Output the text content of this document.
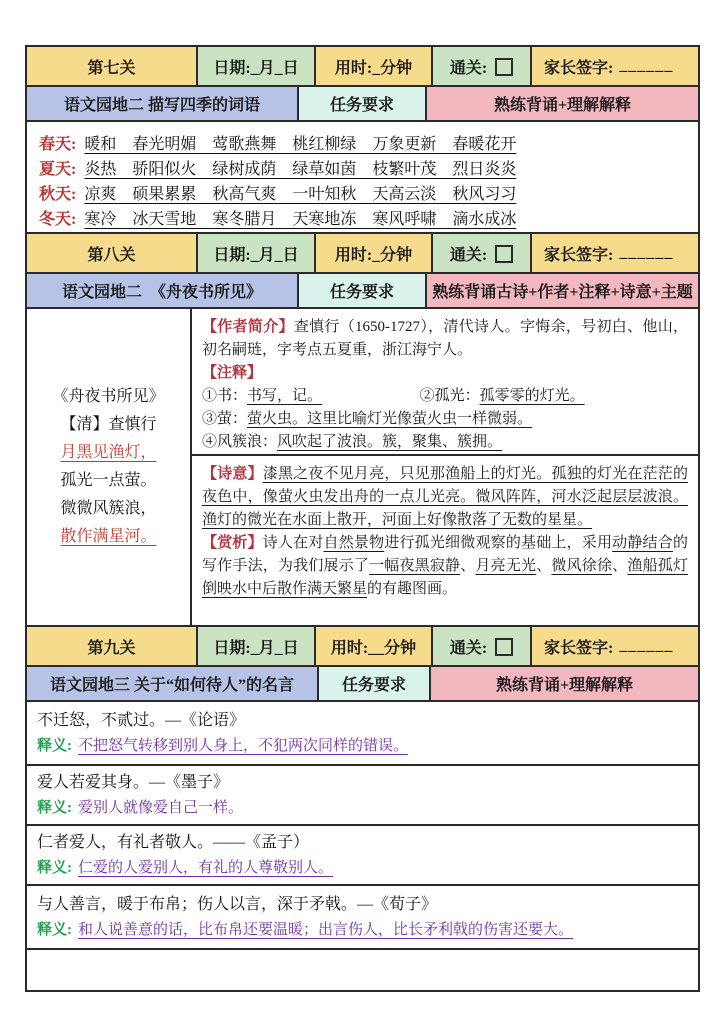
第七关	日期:_月_日	用时:_分钟	通关:	家长签字: ______
语文园地二 描写四季的词语	任务要求	熟练背诵+理解解释
春天: 暖和　春光明媚　莺歌燕舞　桃红柳绿　万象更新　春暖花开
夏天: 炎热　骄阳似火　绿树成荫　绿草如茵　枝繁叶茂　烈日炎炎
秋天: 凉爽　硕果累累　秋高气爽　一叶知秋　天高云淡　秋风习习
冬天: 寒冷　冰天雪地　寒冬腊月　天寒地冻　寒风呼啸　滴水成冰
第八关	日期:_月_日	用时:_分钟	通关:	家长签字: ______
语文园地二　《舟夜书所见》	任务要求	熟练背诵古诗+作者+注释+诗意+主题
《舟夜书所见》
【清】查慎行
月黑见渔灯，
孤光一点萤。
微微风簇浪，
散作满星河。

【作者简介】查慎行（1650-1727），清代诗人。字悔余，号初白、他山，初名嗣琏，字考点五夏重，浙江海宁人。

【注释】
①书：书写，记。	②孤光：孤零零的灯光。
③萤：萤火虫。这里比喻灯光像萤火虫一样微弱。
④风簇浪：风吹起了波浪。簇，聚集、簇拥。

【诗意】漆黑之夜不见月亮，只见那渔船上的灯光。孤独的灯光在茫茫的夜色中，像萤火虫发出舟的一点儿光亮。微风阵阵，河水泛起层层波浪。渔灯的微光在水面上散开，河面上好像散落了无数的星星。

【赏析】诗人在对自然景物进行孤光细微观察的基础上，采用动静结合的写作手法，为我们展示了一幅夜黑寂静、月亮无光、微风徐徐、渔船孤灯倒映水中后散作满天繁星的有趣图画。

第九关	日期:_月_日	用时:__分钟	通关:	家长签字: ______
语文园地三 关于“如何待人”的名言	任务要求	熟练背诵+理解解释
不迁怒，不贰过。—《论语》
释义: 不把怒气转移到别人身上，不犯两次同样的错误。
爱人若爱其身。—《墨子》
释义: 爱别人就像爱自己一样。
仁者爱人，有礼者敬人。——《孟子）
释义: 仁爱的人爱别人，有礼的人尊敬别人。
与人善言，暖于布帛；伤人以言，深于矛戟。—《荀子》
释义: 和人说善意的话，比布帛还要温暖；出言伤人，比长矛利戟的伤害还要大。
